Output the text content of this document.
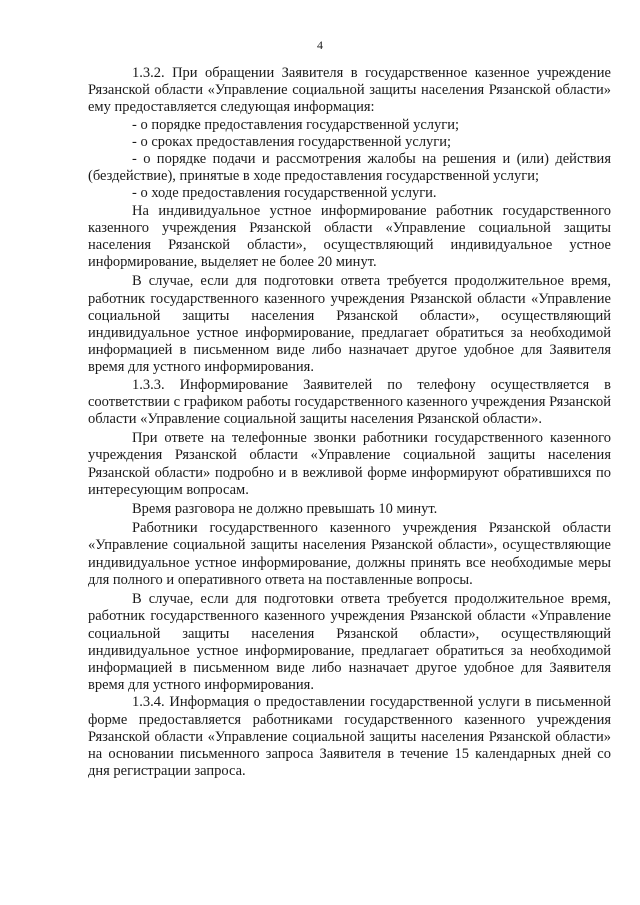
4

1.3.2. При обращении Заявителя в государственное казенное учреждение Рязанской области «Управление социальной защиты населения Рязанской области» ему предоставляется следующая информация:

- о порядке предоставления государственной услуги;

- о сроках предоставления государственной услуги;

- о порядке подачи и рассмотрения жалобы на решения и (или) действия (бездействие), принятые в ходе предоставления государственной услуги;

- о ходе предоставления государственной услуги.

На индивидуальное устное информирование работник государственного казенного учреждения Рязанской области «Управление социальной защиты населения Рязанской области», осуществляющий индивидуальное устное информирование, выделяет не более 20 минут.

В случае, если для подготовки ответа требуется продолжительное время, работник государственного казенного учреждения Рязанской области «Управление социальной защиты населения Рязанской области», осуществляющий индивидуальное устное информирование, предлагает обратиться за необходимой информацией в письменном виде либо назначает другое удобное для Заявителя время для устного информирования.

1.3.3. Информирование Заявителей по телефону осуществляется в соответствии с графиком работы государственного казенного учреждения Рязанской области «Управление социальной защиты населения Рязанской области».

При ответе на телефонные звонки работники государственного казенного учреждения Рязанской области «Управление социальной защиты населения Рязанской области» подробно и в вежливой форме информируют обратившихся по интересующим вопросам.

Время разговора не должно превышать 10 минут.

Работники государственного казенного учреждения Рязанской области «Управление социальной защиты населения Рязанской области», осуществляющие индивидуальное устное информирование, должны принять все необходимые меры для полного и оперативного ответа на поставленные вопросы.

В случае, если для подготовки ответа требуется продолжительное время, работник государственного казенного учреждения Рязанской области «Управление социальной защиты населения Рязанской области», осуществляющий индивидуальное устное информирование, предлагает обратиться за необходимой информацией в письменном виде либо назначает другое удобное для Заявителя время для устного информирования.

1.3.4. Информация о предоставлении государственной услуги в письменной форме предоставляется работниками государственного казенного учреждения Рязанской области «Управление социальной защиты населения Рязанской области» на основании письменного запроса Заявителя в течение 15 календарных дней со дня регистрации запроса.
